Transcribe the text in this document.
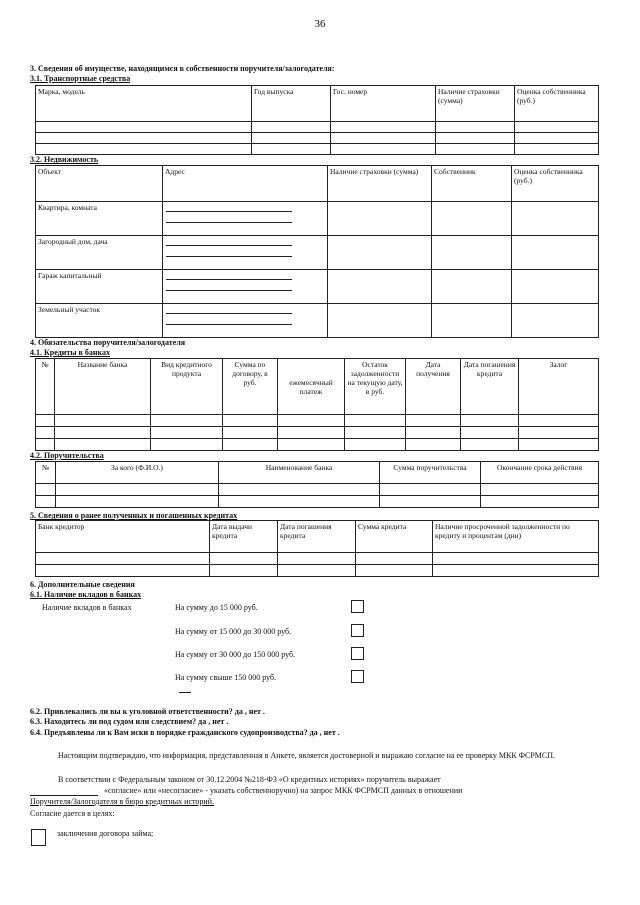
36
3. Сведения об имуществе, находящимся в собственности поручителя/залогодателя:
3.1. Транспортные средства
Марка, модель	Год выпуска	Гос. номер	Наличие страховки (сумма)	Оценка собственника (руб.)

3.2. Недвижимость
Объект	Адрес	Наличие страховки (сумма)	Собственник	Оценка собственника (руб.)
Квартира, комната				
Загородный дом, дача				
Гараж капитальный				
Земельный участок				
4. Обязательства поручителя/залогодателя
4.1. Кредиты в банках
№	Название банка	Вид кредитного продукта	Сумма по договору, в руб.	ежемесячный платеж	Остаток задолженности на текущую дату, в руб.	Дата получения	Дата погашения кредита	Залог

4.2. Поручительства
№	За кого (Ф.И.О.)	Наименование банка	Сумма поручительства	Окончание срока действия

5. Сведения о ранее полученных и погашенных кредитах
Банк кредитор	Дата выдачи кредита	Дата погашения кредита	Сумма кредита	Наличие просроченной задолженности по кредиту и процентам (дни)

6. Дополнительные сведения
6.1. Наличие вкладов в банках
Наличие вкладов в банках	На сумму до 15 000 руб.
На сумму от 15 000 до 30 000 руб.
На сумму от 30 000 до 150 000 руб.
На сумму свыше 150 000 руб.
6.2. Привлекались ли вы к уголовной ответственности? да , нет .
6.3. Находитесь ли под судом или следствием? да , нет .
6.4. Предъявлены ли к Вам иски в порядке гражданского судопроизводства? да , нет .
Настоящим подтверждаю, что информация, представленная в Анкете, является достоверной и выражаю согласие на ее проверку МКК ФСРМСП.
В соответствии с Федеральным законом от 30.12.2004 №218-ФЗ «О кредитных историях» поручитель выражает
«согласие» или «несогласие» - указать собственноручно) на запрос МКК ФСРМСП данных в отношении
Поручителя/Залогодателя в бюро кредитных историй.
Согласие дается в целях:
заключения договора займа;
